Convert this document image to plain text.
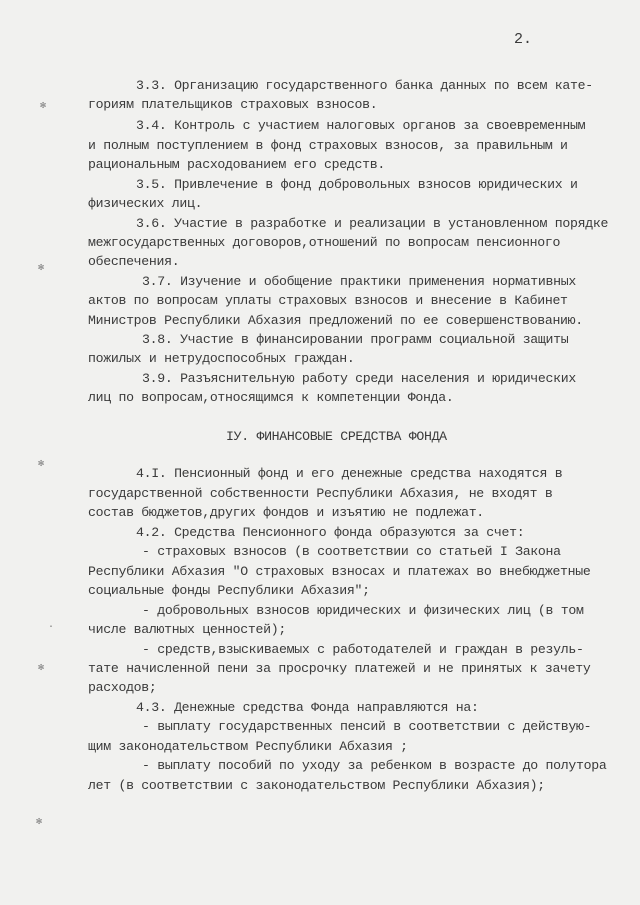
2.
✻
✻
✻
·
✻
✻
3.3. Организацию государственного банка данных по всем кате-
гориям плательщиков страховых взносов.
3.4. Контроль с участием налоговых органов за своевременным
и полным поступлением в фонд страховых взносов, за правильным и
рациональным расходованием его средств.
3.5. Привлечение в фонд добровольных взносов юридических и
физических лиц.
3.6. Участие в разработке и реализации в установленном порядке
межгосударственных договоров,отношений по вопросам пенсионного
обеспечения.
3.7. Изучение и обобщение практики применения нормативных
актов по вопросам уплаты страховых взносов и внесение в Кабинет
Министров Республики Абхазия предложений по ее совершенствованию.
3.8. Участие в финансировании программ социальной защиты
пожилых и нетрудоспособных граждан.
3.9. Разъяснительную работу среди населения и юридических
лиц по вопросам,относящимся к компетенции Фонда.
IУ. ФИНАНСОВЫЕ СРЕДСТВА ФОНДА
4.I. Пенсионный фонд и его денежные средства находятся в
государственной собственности Республики Абхазия, не входят в
состав бюджетов,других фондов и изъятию не подлежат.
4.2. Средства Пенсионного фонда образуются за счет:
- страховых взносов (в соответствии со статьей I Закона
Республики Абхазия "О страховых взносах и платежах во внебюджетные
социальные фонды Республики Абхазия";
- добровольных взносов юридических и физических лиц (в том
числе валютных ценностей);
- средств,взыскиваемых с работодателей и граждан в резуль-
тате начисленной пени за просрочку платежей и не принятых к зачету
расходов;
4.3. Денежные средства Фонда направляются на:
- выплату государственных пенсий в соответствии с действую-
щим законодательством Республики Абхазия ;
- выплату пособий по уходу за ребенком в возрасте до полутора
лет (в соответствии с законодательством Республики Абхазия);
